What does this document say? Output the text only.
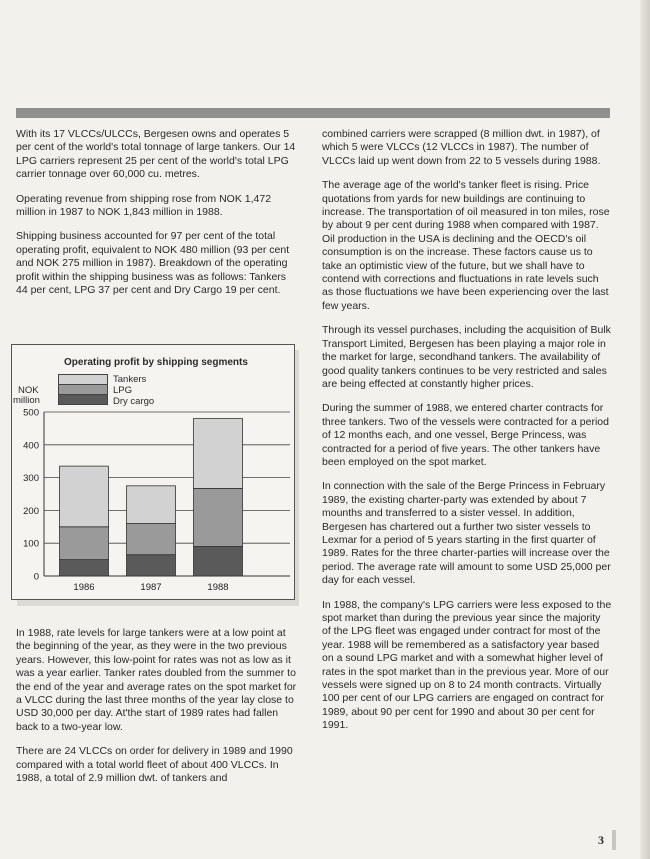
With its 17 VLCCs/ULCCs, Bergesen owns and operates 5 per cent of the world's total tonnage of large tankers. Our 14 LPG carriers represent 25 per cent of the world's total LPG carrier tonnage over 60,000 cu. metres.

Operating revenue from shipping rose from NOK 1,472 million in 1987 to NOK 1,843 million in 1988.

Shipping business accounted for 97 per cent of the total operating profit, equivalent to NOK 480 million (93 per cent and NOK 275 million in 1987). Breakdown of the operating profit within the shipping business was as follows: Tankers 44 per cent, LPG 37 per cent and Dry Cargo 19 per cent.

Operating profit by shipping segments
Tankers
LPG
Dry cargo
NOK
million
0
100
200
300
400
500
1986	1987	1988

In 1988, rate levels for large tankers were at a low point at the beginning of the year, as they were in the two previous years. However, this low-point for rates was not as low as it was a year earlier. Tanker rates doubled from the summer to the end of the year and average rates on the spot market for a VLCC during the last three months of the year lay close to USD 30,000 per day. At'the start of 1989 rates had fallen back to a two-year low.

There are 24 VLCCs on order for delivery in 1989 and 1990 compared with a total world fleet of about 400 VLCCs. In 1988, a total of 2.9 million dwt. of tankers and

combined carriers were scrapped (8 million dwt. in 1987), of which 5 were VLCCs (12 VLCCs in 1987). The number of VLCCs laid up went down from 22 to 5 vessels during 1988.

The average age of the world's tanker fleet is rising. Price quotations from yards for new buildings are continuing to increase. The transportation of oil measured in ton miles, rose by about 9 per cent during 1988 when compared with 1987. Oil production in the USA is declining and the OECD's oil consumption is on the increase. These factors cause us to take an optimistic view of the future, but we shall have to contend with corrections and fluctuations in rate levels such as those fluctuations we have been experiencing over the last few years.

Through its vessel purchases, including the acquisition of Bulk Transport Limited, Bergesen has been playing a major role in the market for large, secondhand tankers. The availability of good quality tankers continues to be very restricted and sales are being effected at constantly higher prices.

During the summer of 1988, we entered charter contracts for three tankers. Two of the vessels were contracted for a period of 12 months each, and one vessel, Berge Princess, was contracted for a period of five years. The other tankers have been employed on the spot market.

In connection with the sale of the Berge Princess in February 1989, the existing charter-party was extended by about 7 mounths and transferred to a sister vessel. In addition, Bergesen has chartered out a further two sister vessels to Lexmar for a period of 5 years starting in the first quarter of 1989. Rates for the three charter-parties will increase over the period. The average rate will amount to some USD 25,000 per day for each vessel.

In 1988, the company's LPG carriers were less exposed to the spot market than during the previous year since the majority of the LPG fleet was engaged under contract for most of the year. 1988 will be remembered as a satisfactory year based on a sound LPG market and with a somewhat higher level of rates in the spot market than in the previous year. More of our vessels were signed up on 8 to 24 month contracts. Virtually 100 per cent of our LPG carriers are engaged on contract for 1989, about 90 per cent for 1990 and about 30 per cent for 1991.

3
